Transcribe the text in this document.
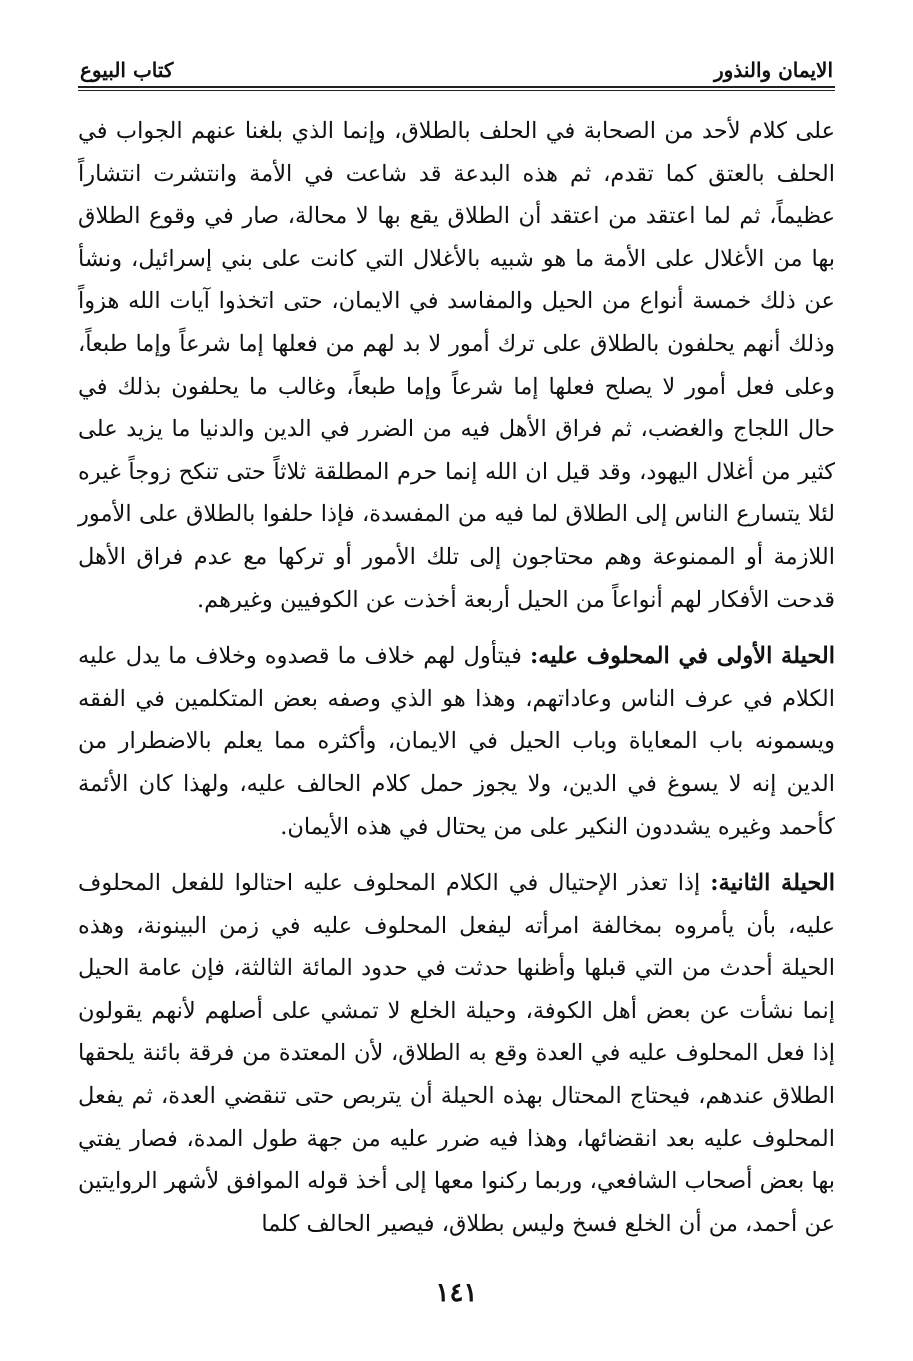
الايمان والنذور
كتاب البيوع

على كلام لأحد من الصحابة في الحلف بالطلاق، وإنما الذي بلغنا عنهم الجواب في الحلف بالعتق كما تقدم، ثم هذه البدعة قد شاعت في الأمة وانتشرت انتشاراً عظيماً، ثم لما اعتقد من اعتقد أن الطلاق يقع بها لا محالة، صار في وقوع الطلاق بها من الأغلال على الأمة ما هو شبيه بالأغلال التي كانت على بني إسرائيل، ونشأ عن ذلك خمسة أنواع من الحيل والمفاسد في الايمان، حتى اتخذوا آيات الله هزواً وذلك أنهم يحلفون بالطلاق على ترك أمور لا بد لهم من فعلها إما شرعاً وإما طبعاً، وعلى فعل أمور لا يصلح فعلها إما شرعاً وإما طبعاً، وغالب ما يحلفون بذلك في حال اللجاج والغضب، ثم فراق الأهل فيه من الضرر في الدين والدنيا ما يزيد على كثير من أغلال اليهود، وقد قيل ان الله إنما حرم المطلقة ثلاثاً حتى تنكح زوجاً غيره لئلا يتسارع الناس إلى الطلاق لما فيه من المفسدة، فإذا حلفوا بالطلاق على الأمور اللازمة أو الممنوعة وهم محتاجون إلى تلك الأمور أو تركها مع عدم فراق الأهل قدحت الأفكار لهم أنواعاً من الحيل أربعة أخذت عن الكوفيين وغيرهم.

الحيلة الأولى في المحلوف عليه: فيتأول لهم خلاف ما قصدوه وخلاف ما يدل عليه الكلام في عرف الناس وعاداتهم، وهذا هو الذي وصفه بعض المتكلمين في الفقه ويسمونه باب المعاياة وباب الحيل في الايمان، وأكثره مما يعلم بالاضطرار من الدين إنه لا يسوغ في الدين، ولا يجوز حمل كلام الحالف عليه، ولهذا كان الأئمة كأحمد وغيره يشددون النكير على من يحتال في هذه الأيمان.

الحيلة الثانية: إذا تعذر الإحتيال في الكلام المحلوف عليه احتالوا للفعل المحلوف عليه، بأن يأمروه بمخالفة امرأته ليفعل المحلوف عليه في زمن البينونة، وهذه الحيلة أحدث من التي قبلها وأظنها حدثت في حدود المائة الثالثة، فإن عامة الحيل إنما نشأت عن بعض أهل الكوفة، وحيلة الخلع لا تمشي على أصلهم لأنهم يقولون إذا فعل المحلوف عليه في العدة وقع به الطلاق، لأن المعتدة من فرقة بائنة يلحقها الطلاق عندهم، فيحتاج المحتال بهذه الحيلة أن يتربص حتى تنقضي العدة، ثم يفعل المحلوف عليه بعد انقضائها، وهذا فيه ضرر عليه من جهة طول المدة، فصار يفتي بها بعض أصحاب الشافعي، وربما ركنوا معها إلى أخذ قوله الموافق لأشهر الروايتين عن أحمد، من أن الخلع فسخ وليس بطلاق، فيصير الحالف كلما

١٤١
